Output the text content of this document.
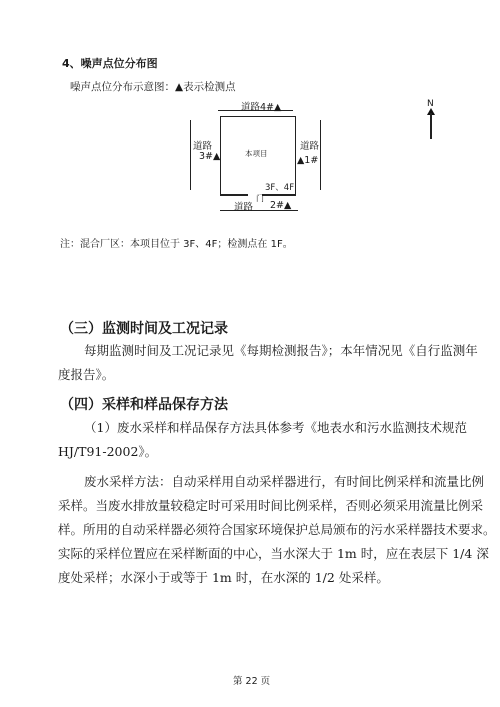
4、噪声点位分布图
噪声点位分布示意图：▲表示检测点
道路4#▲
道路
3#▲
道路
▲1#
本项目
3F、4F
道路
门
2#▲
N
注：混合厂区：本项目位于 3F、4F；检测点在 1F。
（三）监测时间及工况记录
每期监测时间及工况记录见《每期检测报告》；本年情况见《自行监测年
度报告》。
（四）采样和样品保存方法
（1）废水采样和样品保存方法具体参考《地表水和污水监测技术规范
HJ/T91-2002》。
废水采样方法：自动采样用自动采样器进行，有时间比例采样和流量比例
采样。当废水排放量较稳定时可采用时间比例采样，否则必须采用流量比例采
样。所用的自动采样器必须符合国家环境保护总局颁布的污水采样器技术要求。
实际的采样位置应在采样断面的中心，当水深大于 1m 时，应在表层下 1/4 深
度处采样；水深小于或等于 1m 时，在水深的 1/2 处采样。
第 22 页
